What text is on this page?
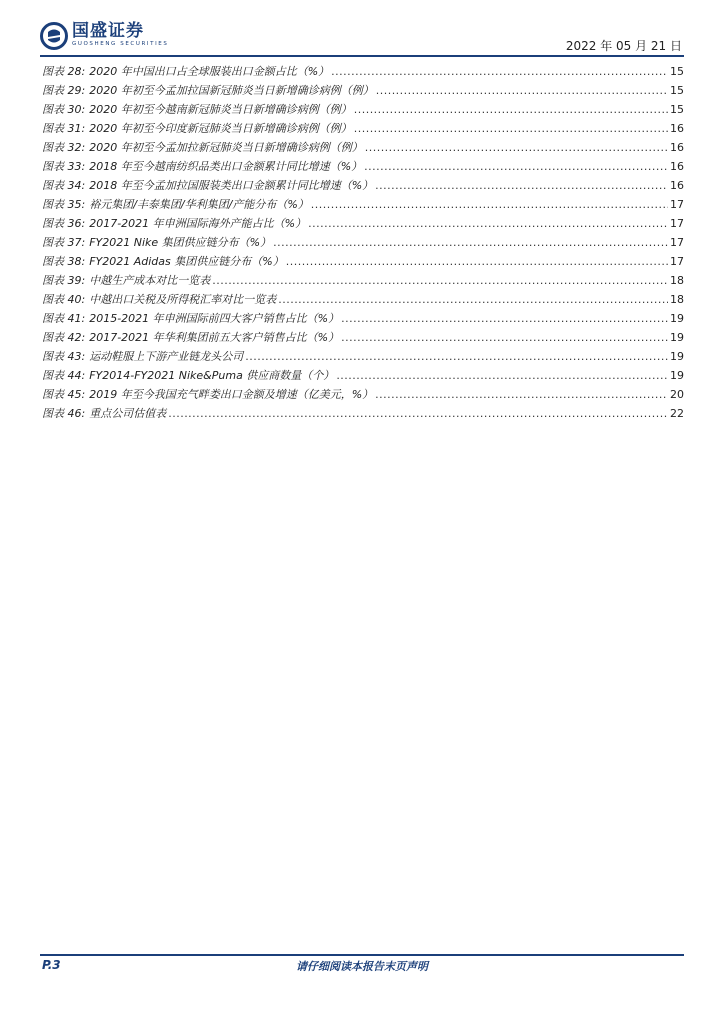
国盛证券
GUOSHENG SECURITIES	2022 年 05 月 21 日
图表 28: 2020 年中国出口占全球服装出口金额占比（%） .....	15
图表 29: 2020 年初至今孟加拉国新冠肺炎当日新增确诊病例（例） .....	15
图表 30: 2020 年初至今越南新冠肺炎当日新增确诊病例（例） .....	15
图表 31: 2020 年初至今印度新冠肺炎当日新增确诊病例（例） .....	16
图表 32: 2020 年初至今孟加拉新冠肺炎当日新增确诊病例（例） .....	16
图表 33: 2018 年至今越南纺织品类出口金额累计同比增速（%） .....	16
图表 34: 2018 年至今孟加拉国服装类出口金额累计同比增速（%） .....	16
图表 35: 裕元集团/丰泰集团/华利集团/产能分布（%） .....	17
图表 36: 2017-2021 年申洲国际海外产能占比（%） .....	17
图表 37: FY2021 Nike 集团供应链分布（%） .....	17
图表 38: FY2021 Adidas 集团供应链分布（%） .....	17
图表 39: 中越生产成本对比一览表 .....	18
图表 40: 中越出口关税及所得税汇率对比一览表 .....	18
图表 41: 2015-2021 年申洲国际前四大客户销售占比（%） .....	19
图表 42: 2017-2021 年华利集团前五大客户销售占比（%） .....	19
图表 43: 运动鞋服上下游产业链龙头公司 .....	19
图表 44: FY2014-FY2021 Nike&Puma 供应商数量（个） .....	19
图表 45: 2019 年至今我国充气畔娄出口金额及增速（亿美元，%） .....	20
图表 46: 重点公司估值表 .....	22
P.3	请仔细阅读本报告末页声明
